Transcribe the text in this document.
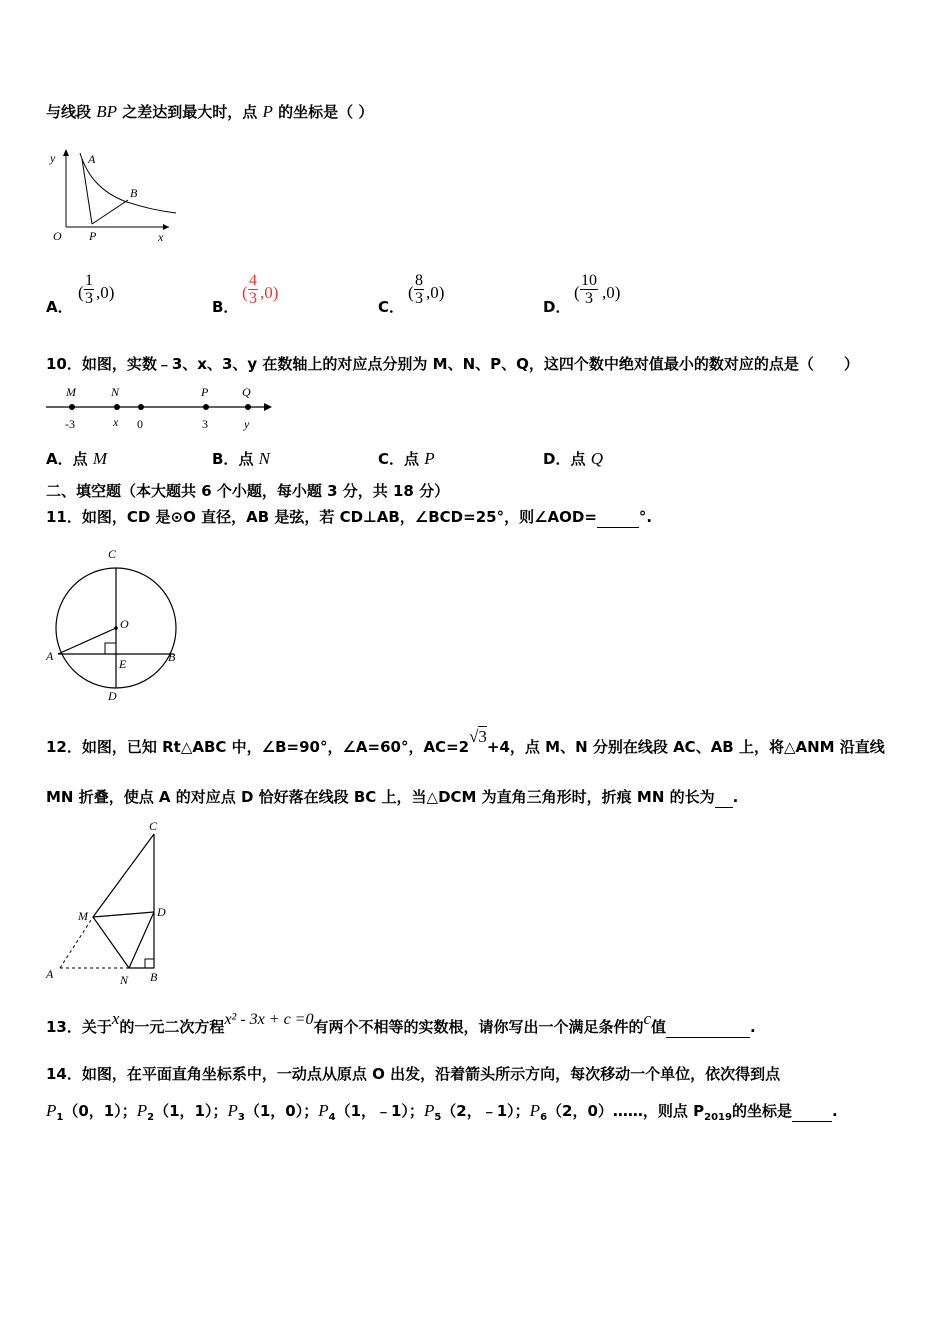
与线段 BP 之差达到最大时，点 P 的坐标是（ ）
y	A
B
O P	x
A．
( $\frac{1}{3} ,0$)
B．
( $\frac{4}{3} ,0$)
C．
( $\frac{8}{3} ,0$)
D．
( $\frac{10}{3} ,0$)
10．如图，实数﹣3、x、3、y 在数轴上的对应点分别为 M、N、P、Q，这四个数中绝对值最小的数对应的点是（　　）
M	N	P	Q
-3	x 0	3	y
A．点 M	B．点 N	C．点 P	D．点 Q
二、填空题（本大题共 6 个小题，每小题 3 分，共 18 分）
11．如图，CD 是⊙O 直径，AB 是弦，若 CD⊥AB，∠BCD=25°，则∠AOD=	°.
C
O
A
E	B
D
12．如图，已知 Rt△ABC 中，∠B=90°，∠A=60°，AC=2√3+4，点 M、N 分别在线段 AC、AB 上，将△ANM 沿直线
MN 折叠，使点 A 的对应点 D 恰好落在线段 BC 上，当△DCM 为直角三角形时，折痕 MN 的长为 .
C
M	D
A	N B
13．关于x的一元二次方程x² - 3x + c =0有两个不相等的实数根，请你写出一个满足条件的c值	.
14．如图，在平面直角坐标系中，一动点从原点 O 出发，沿着箭头所示方向，每次移动一个单位，依次得到点
$P_1(0$，1）；$P_2(1$，1）；$P_3(1$，0）；$P_4(1$，﹣1）；$P_5(2$，﹣1）；$P_6(2$，0）……，则点 $P_{2019}$的坐标是	.
